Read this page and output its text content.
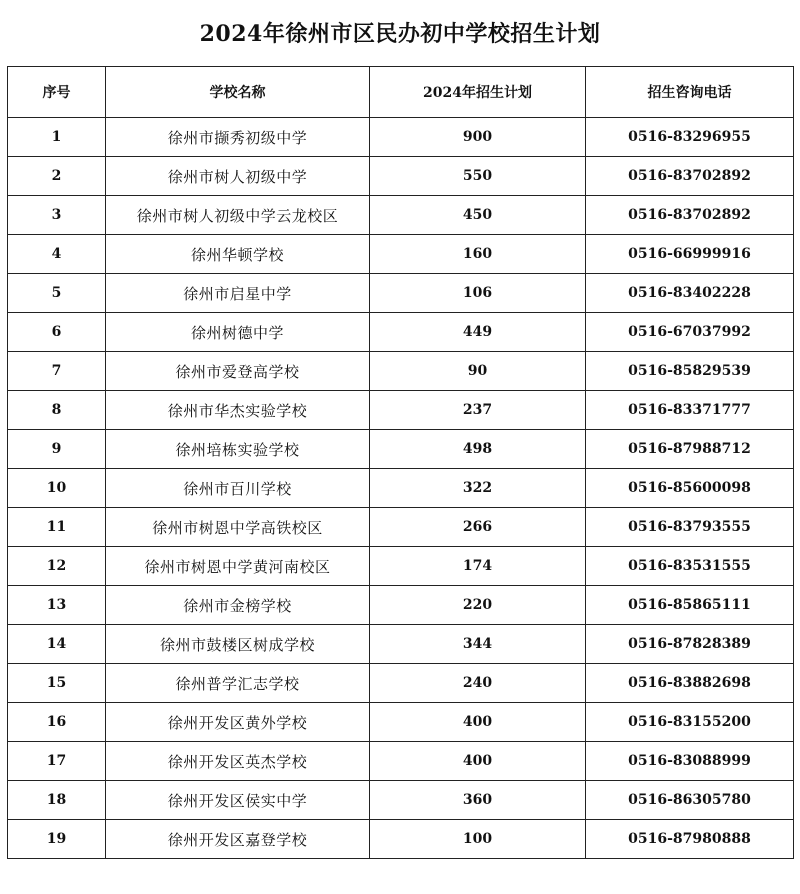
2024年徐州市区民办初中学校招生计划
序号	学校名称	2024年招生计划	招生咨询电话
1	徐州市撷秀初级中学	900	0516-83296955
2	徐州市树人初级中学	550	0516-83702892
3	徐州市树人初级中学云龙校区	450	0516-83702892
4	徐州华顿学校	160	0516-66999916
5	徐州市启星中学	106	0516-83402228
6	徐州树德中学	449	0516-67037992
7	徐州市爱登高学校	90	0516-85829539
8	徐州市华杰实验学校	237	0516-83371777
9	徐州培栋实验学校	498	0516-87988712
10	徐州市百川学校	322	0516-85600098
11	徐州市树恩中学高铁校区	266	0516-83793555
12	徐州市树恩中学黄河南校区	174	0516-83531555
13	徐州市金榜学校	220	0516-85865111
14	徐州市鼓楼区树成学校	344	0516-87828389
15	徐州普学汇志学校	240	0516-83882698
16	徐州开发区黄外学校	400	0516-83155200
17	徐州开发区英杰学校	400	0516-83088999
18	徐州开发区侯实中学	360	0516-86305780
19	徐州开发区嘉登学校	100	0516-87980888
